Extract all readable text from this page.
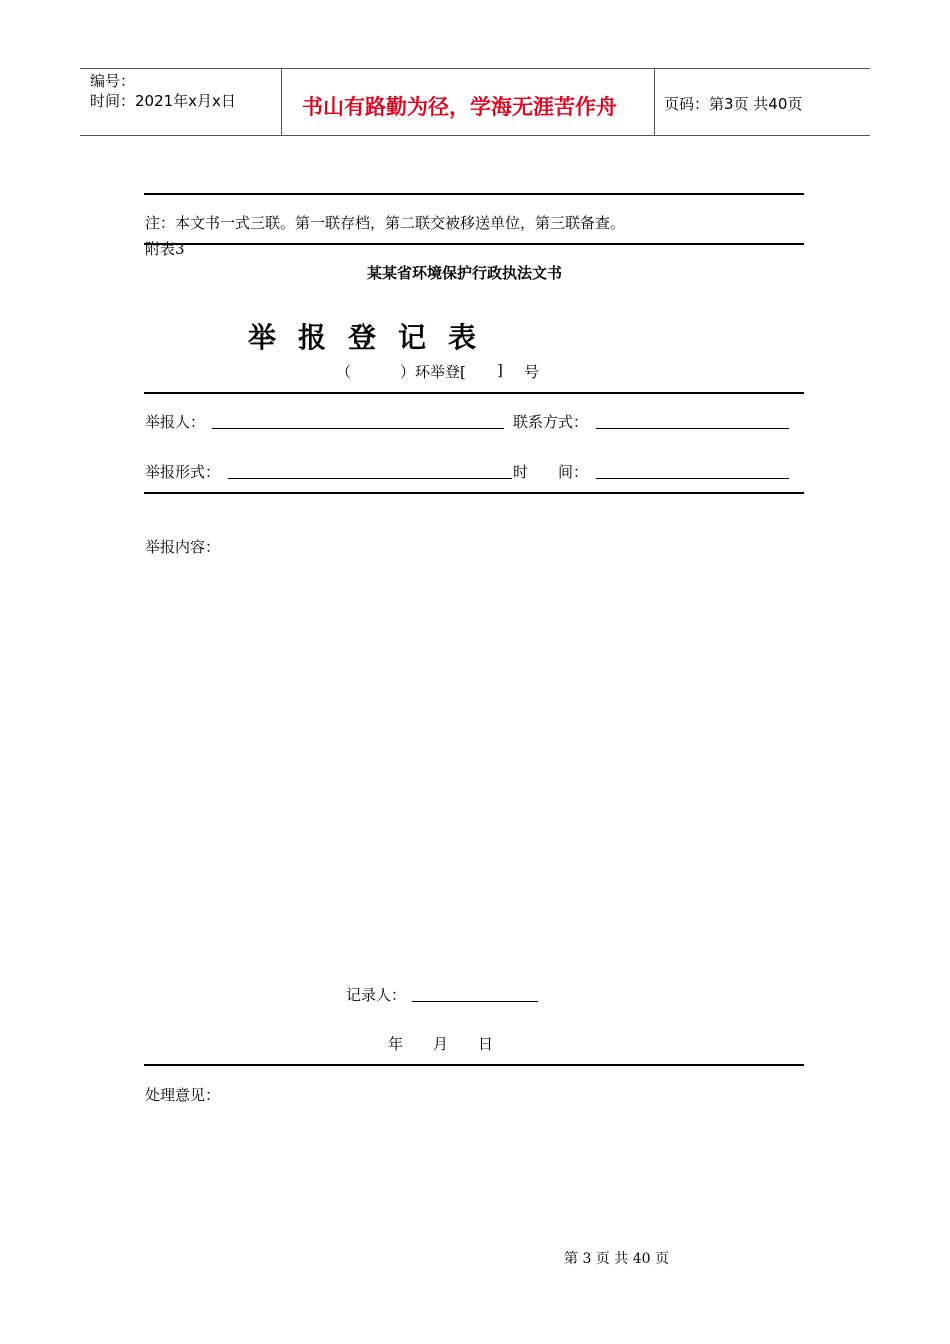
编号：
时间：2021年x月x日	书山有路勤为径，学海无涯苦作舟	页码：第3页 共40页
注：本文书一式三联。第一联存档，第二联交被移送单位，第三联备查。
附表3
某某省环境保护行政执法文书
举报登记表
（	）环举登[ ] 号
举报人：	联系方式：
举报形式：	时　　间：
举报内容：
记录人：
年　　月　　日
处理意见：
第 3 页 共 40 页
